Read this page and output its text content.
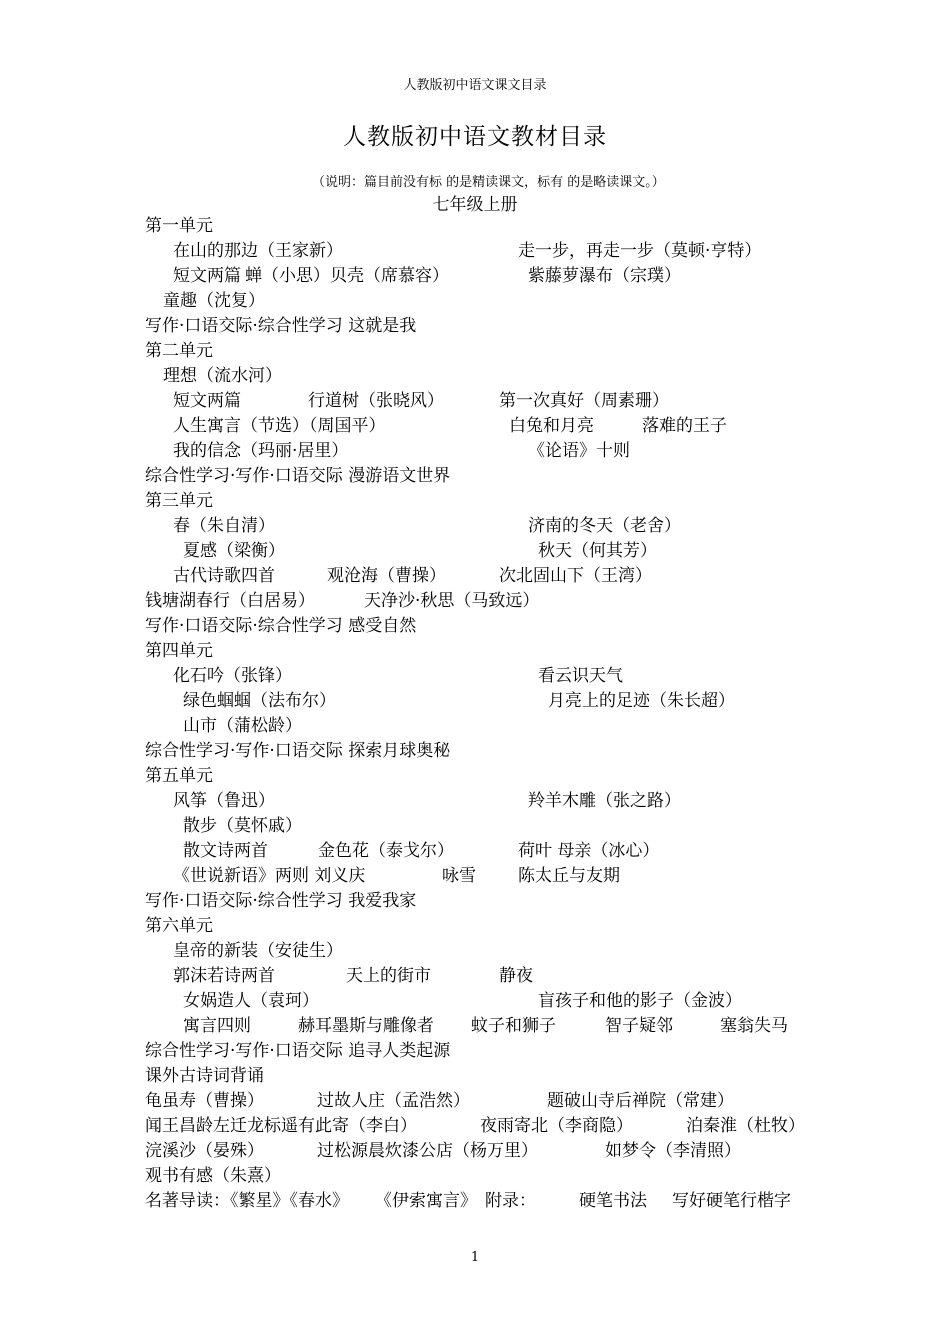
人教版初中语文课文目录
人教版初中语文教材目录
（说明：篇目前没有标 的是精读课文，标有 的是略读课文。）
七年级上册
第一单元
在山的那边（王家新）	走一步，再走一步（莫顿·亨特）
短文两篇 蝉（小思）贝壳（席慕容）	紫藤萝瀑布（宗璞）
童趣（沈复）
写作·口语交际·综合性学习 这就是我
第二单元
理想（流水河）
短文两篇	行道树（张晓风）	第一次真好（周素珊）
人生寓言（节选）（周国平）	白兔和月亮	落难的王子
我的信念（玛丽·居里）	《论语》十则
综合性学习·写作·口语交际 漫游语文世界
第三单元
春（朱自清）	济南的冬天（老舍）
夏感（梁衡）	秋天（何其芳）
古代诗歌四首	观沧海（曹操）	次北固山下（王湾）
钱塘湖春行（白居易）	天净沙·秋思（马致远）
写作·口语交际·综合性学习 感受自然
第四单元
化石吟（张锋）	看云识天气
绿色蝈蝈（法布尔）	月亮上的足迹（朱长超）
山市（蒲松龄）
综合性学习·写作·口语交际 探索月球奥秘
第五单元
风筝（鲁迅）	羚羊木雕（张之路）
散步（莫怀戚）
散文诗两首	金色花（泰戈尔）	荷叶 母亲（冰心）
《世说新语》两则 刘义庆	咏雪 陈太丘与友期
写作·口语交际·综合性学习 我爱我家
第六单元
皇帝的新装（安徒生）
郭沫若诗两首	天上的街市	静夜
女娲造人（袁珂）	盲孩子和他的影子（金波）
寓言四则	赫耳墨斯与雕像者 蚊子和狮子	智子疑邻	塞翁失马
综合性学习·写作·口语交际 追寻人类起源
课外古诗词背诵
龟虽寿（曹操）	过故人庄（孟浩然）	题破山寺后禅院（常建）
闻王昌龄左迁龙标遥有此寄（李白）	夜雨寄北（李商隐）	泊秦淮（杜牧）
浣溪沙（晏殊）	过松源晨炊漆公店（杨万里）	如梦令（李清照）
观书有感（朱熹）
名著导读：《繁星》《春水》 《伊索寓言》 附录：	硬笔书法 写好硬笔行楷字
1
